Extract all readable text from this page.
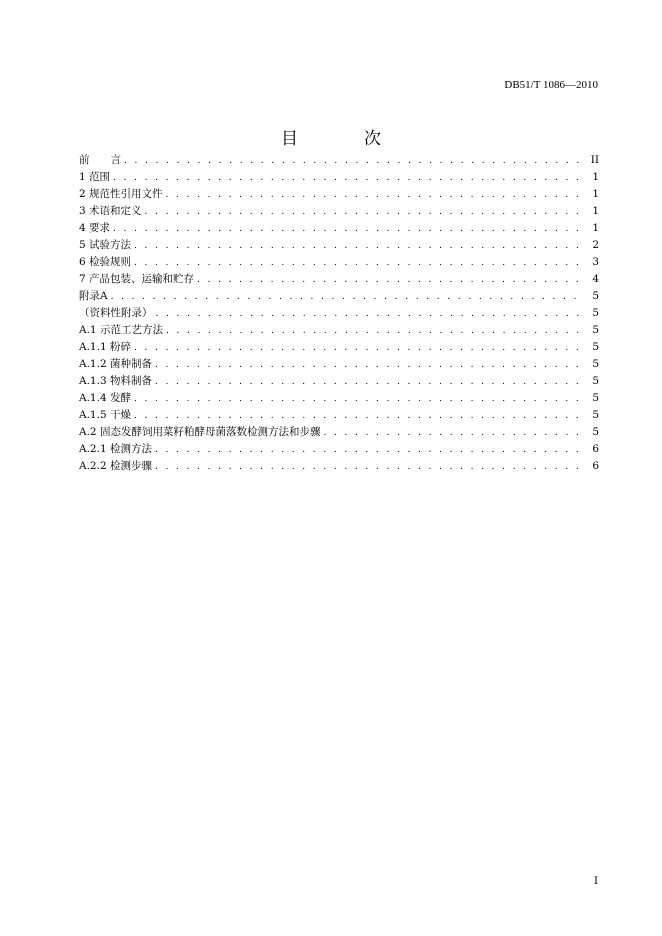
DB51/T 1086—2010
目	次
前　　言 . . .	II
1 范围 . . .	1
2 规范性引用文件 . . .	1
3 术语和定义 . . .	1
4 要求 . . .	1
5 试验方法 . . .	2
6 检验规则 . . .	3
7 产品包装、运输和贮存 . . .	4
附录A . . .	5
（资料性附录） . . .	5
A.1 示范工艺方法 . . .	5
A.1.1 粉碎 . . .	5
A.1.2 菌种制备 . . .	5
A.1.3 物料制备 . . .	5
A.1.4 发酵 . . .	5
A.1.5 干燥 . . .	5
A.2 固态发酵饲用菜籽粕酵母菌落数检测方法和步骤 . . .	5
A.2.1 检测方法 . . .	6
A.2.2 检测步骤 . . .	6
I
